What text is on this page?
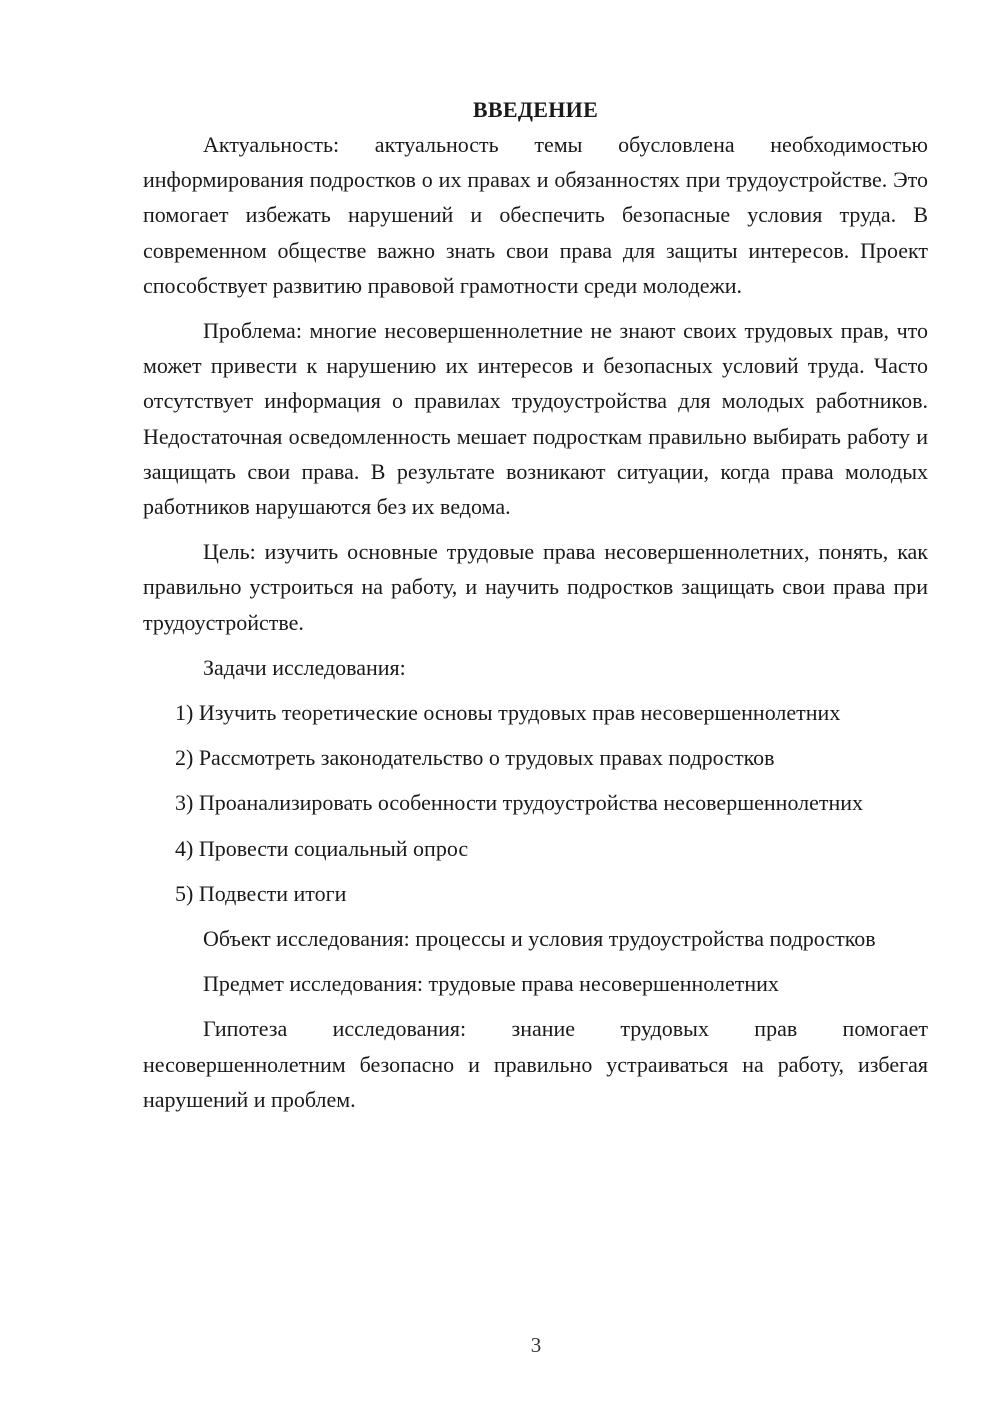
ВВЕДЕНИЕ

Актуальность: актуальность темы обусловлена необходимостью информирования подростков о их правах и обязанностях при трудоустройстве. Это помогает избежать нарушений и обеспечить безопасные условия труда. В современном обществе важно знать свои права для защиты интересов. Проект способствует развитию правовой грамотности среди молодежи.

Проблема: многие несовершеннолетние не знают своих трудовых прав, что может привести к нарушению их интересов и безопасных условий труда. Часто отсутствует информация о правилах трудоустройства для молодых работников. Недостаточная осведомленность мешает подросткам правильно выбирать работу и защищать свои права. В результате возникают ситуации, когда права молодых работников нарушаются без их ведома.

Цель: изучить основные трудовые права несовершеннолетних, понять, как правильно устроиться на работу, и научить подростков защищать свои права при трудоустройстве.

Задачи исследования:

1) Изучить теоретические основы трудовых прав несовершеннолетних

2) Рассмотреть законодательство о трудовых правах подростков

3) Проанализировать особенности трудоустройства несовершеннолетних

4) Провести социальный опрос

5) Подвести итоги

Объект исследования: процессы и условия трудоустройства подростков

Предмет исследования: трудовые права несовершеннолетних

Гипотеза исследования: знание трудовых прав помогает несовершеннолетним безопасно и правильно устраиваться на работу, избегая нарушений и проблем.

3
